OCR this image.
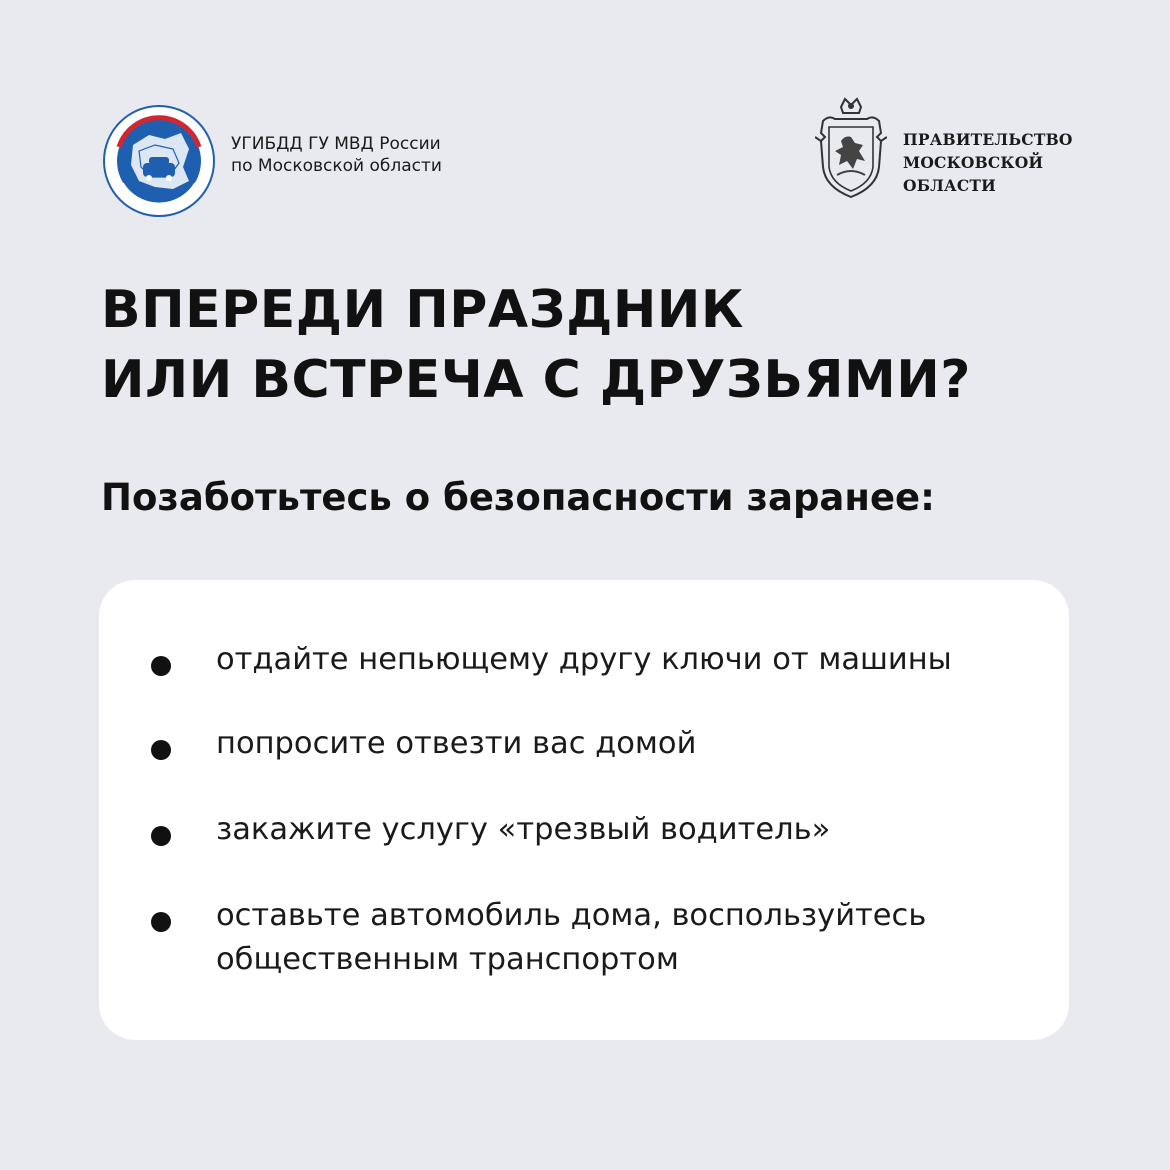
УГИБДД ГУ МВД России
по Московской области
ПРАВИТЕЛЬСТВО
МОСКОВСКОЙ
ОБЛАСТИ
ВПЕРЕДИ ПРАЗДНИК
ИЛИ ВСТРЕЧА С ДРУЗЬЯМИ?
Позаботьтесь о безопасности заранее:
отдайте непьющему другу ключи от машины
попросите отвезти вас домой
закажите услугу «трезвый водитель»
оставьте автомобиль дома, воспользуйтесь общественным транспортом
